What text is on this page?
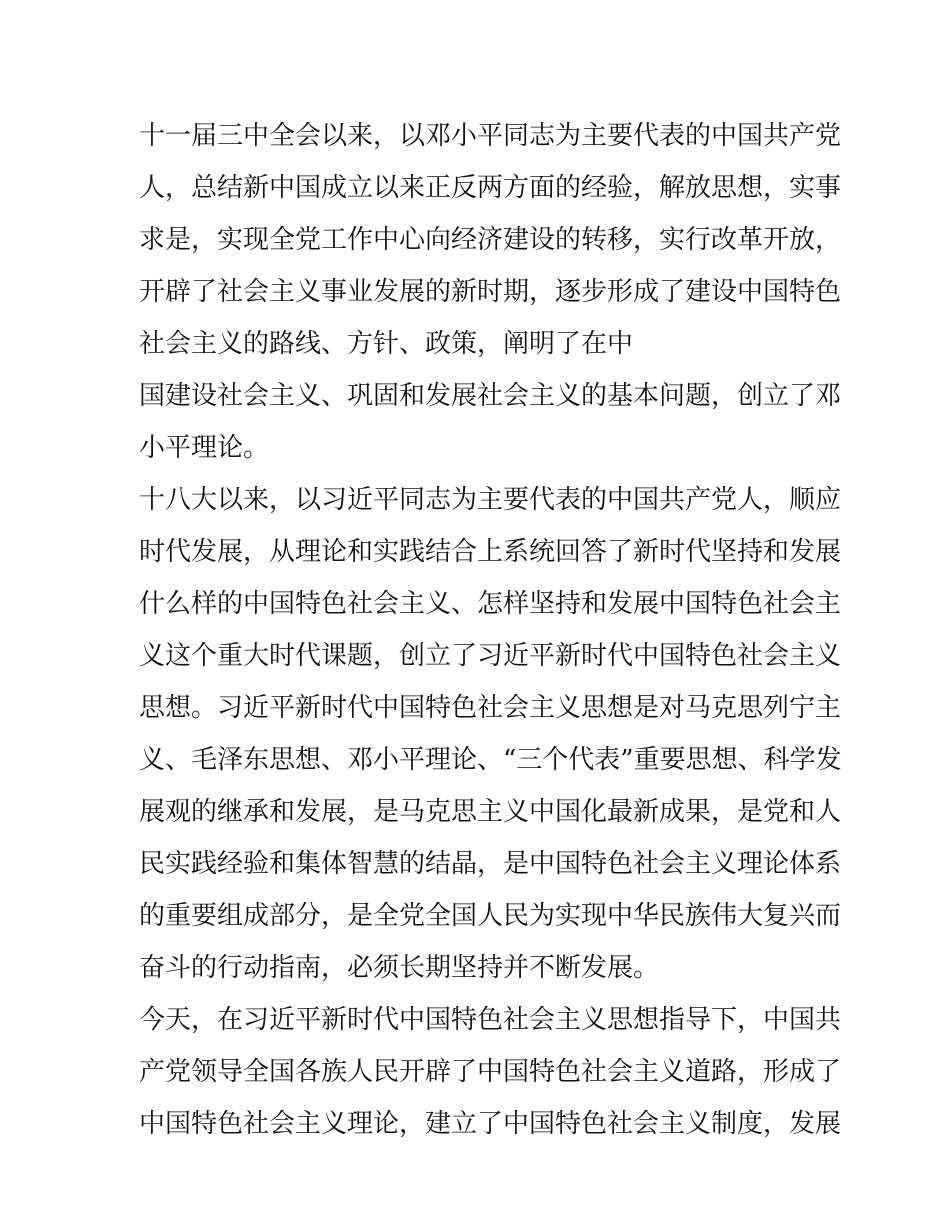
十一届三中全会以来，以邓小平同志为主要代表的中国共产党
人，总结新中国成立以来正反两方面的经验，解放思想，实事
求是，实现全党工作中心向经济建设的转移，实行改革开放，
开辟了社会主义事业发展的新时期，逐步形成了建设中国特色
社会主义的路线、方针、政策，阐明了在中
国建设社会主义、巩固和发展社会主义的基本问题，创立了邓
小平理论。
十八大以来，以习近平同志为主要代表的中国共产党人，顺应
时代发展，从理论和实践结合上系统回答了新时代坚持和发展
什么样的中国特色社会主义、怎样坚持和发展中国特色社会主
义这个重大时代课题，创立了习近平新时代中国特色社会主义
思想。习近平新时代中国特色社会主义思想是对马克思列宁主
义、毛泽东思想、邓小平理论、“三个代表”重要思想、科学发
展观的继承和发展，是马克思主义中国化最新成果，是党和人
民实践经验和集体智慧的结晶，是中国特色社会主义理论体系
的重要组成部分，是全党全国人民为实现中华民族伟大复兴而
奋斗的行动指南，必须长期坚持并不断发展。
今天，在习近平新时代中国特色社会主义思想指导下，中国共
产党领导全国各族人民开辟了中国特色社会主义道路，形成了
中国特色社会主义理论，建立了中国特色社会主义制度，发展
